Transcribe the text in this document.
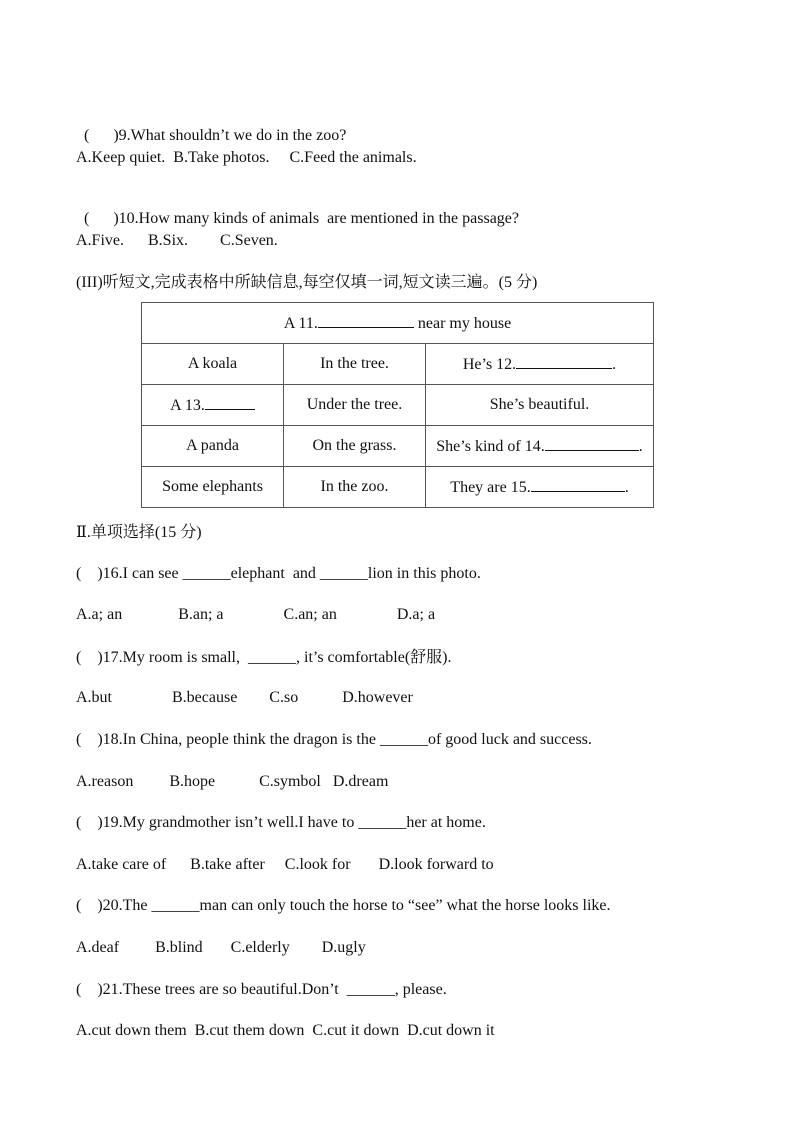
( )9.What shouldn’t we do in the zoo?

A.Keep quiet.  B.Take photos.     C.Feed the animals.

( )10.How many kinds of animals  are mentioned in the passage?

A.Five.      B.Six.        C.Seven.
(III)听短文,完成表格中所缺信息,每空仅填一词,短文读三遍。(5 分)
A 11. near my house		
A koala	In the tree.	He’s 12. .
A 13.	Under the tree.	She’s beautiful.
A panda	On the grass.	She’s kind of 14. .
Some elephants	In the zoo.	They are 15. .
Ⅱ.单项选择(15 分)
(    )16.I can see ______elephant  and ______lion in this photo.
A.a; an              B.an; a               C.an; an               D.a; a
(    )17.My room is small,  ______, it’s comfortable(舒服).
A.but               B.because        C.so           D.however
(    )18.In China, people think the dragon is the ______of good luck and success.
A.reason         B.hope           C.symbol   D.dream
(    )19.My grandmother isn’t well.I have to ______her at home.
A.take care of      B.take after     C.look for       D.look forward to
(    )20.The ______man can only touch the horse to “see” what the horse looks like.
A.deaf         B.blind       C.elderly        D.ugly
(    )21.These trees are so beautiful.Don’t  ______, please.
A.cut down them  B.cut them down  C.cut it down  D.cut down it
